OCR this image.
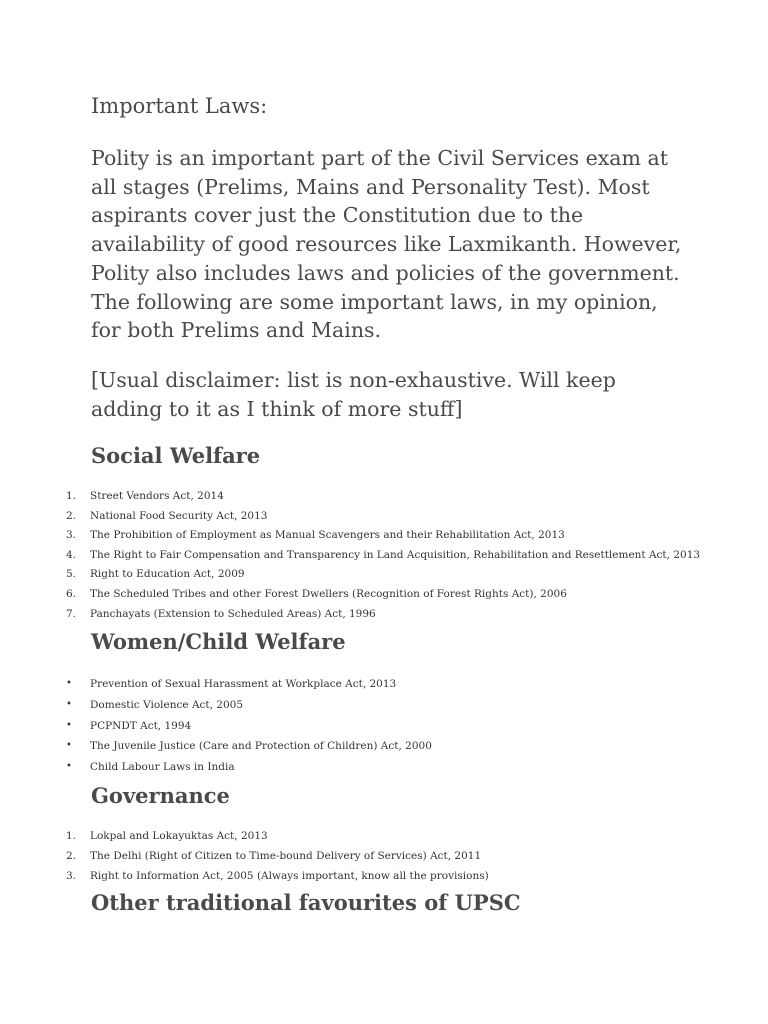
Important Laws:

Polity is an important part of the Civil Services exam at all stages (Prelims, Mains and Personality Test). Most aspirants cover just the Constitution due to the availability of good resources like Laxmikanth. However, Polity also includes laws and policies of the government. The following are some important laws, in my opinion, for both Prelims and Mains.

[Usual disclaimer: list is non-exhaustive. Will keep adding to it as I think of more stuff]

Social Welfare
1.	Street Vendors Act, 2014
2.	National Food Security Act, 2013
3.	The Prohibition of Employment as Manual Scavengers and their Rehabilitation Act, 2013
4.	The Right to Fair Compensation and Transparency in Land Acquisition, Rehabilitation and Resettlement Act, 2013
5.	Right to Education Act, 2009
6.	The Scheduled Tribes and other Forest Dwellers (Recognition of Forest Rights Act), 2006
7.	Panchayats (Extension to Scheduled Areas) Act, 1996
Women/Child Welfare
• Prevention of Sexual Harassment at Workplace Act, 2013
• Domestic Violence Act, 2005
• PCPNDT Act, 1994
• The Juvenile Justice (Care and Protection of Children) Act, 2000
• Child Labour Laws in India
Governance
1.	Lokpal and Lokayuktas Act, 2013
2.	The Delhi (Right of Citizen to Time-bound Delivery of Services) Act, 2011
3.	Right to Information Act, 2005 (Always important, know all the provisions)
Other traditional favourites of UPSC
